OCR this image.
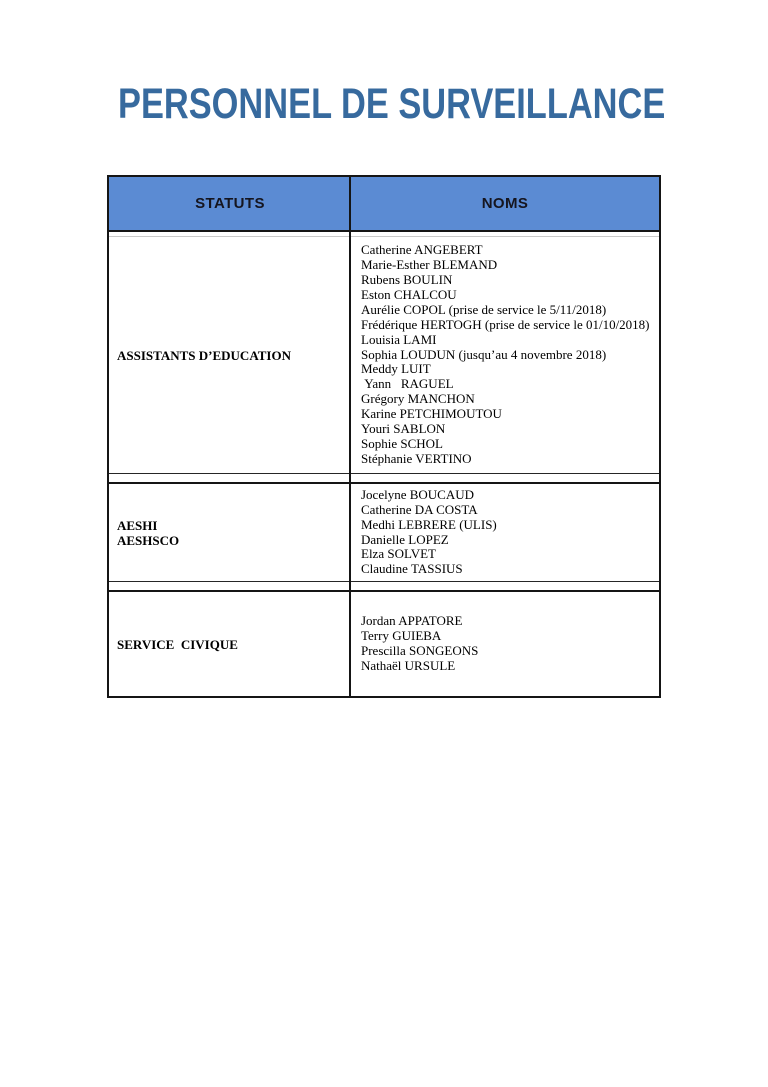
PERSONNEL DE SURVEILLANCE
STATUTS	NOMS
ASSISTANTS D’EDUCATION
Catherine ANGEBERT
Marie-Esther BLEMAND
Rubens BOULIN
Eston CHALCOU
Aurélie COPOL (prise de service le 5/11/2018)
Frédérique HERTOGH (prise de service le 01/10/2018)
Louisia LAMI
Sophia LOUDUN (jusqu’au 4 novembre 2018)
Meddy LUIT
Yann   RAGUEL
Grégory MANCHON
Karine PETCHIMOUTOU
Youri SABLON
Sophie SCHOL
Stéphanie VERTINO
AESHI
AESHSCO
Jocelyne BOUCAUD
Catherine DA COSTA
Medhi LEBRERE (ULIS)
Danielle LOPEZ
Elza SOLVET
Claudine TASSIUS
SERVICE  CIVIQUE
Jordan APPATORE
Terry GUIEBA
Prescilla SONGEONS
Nathaël URSULE
